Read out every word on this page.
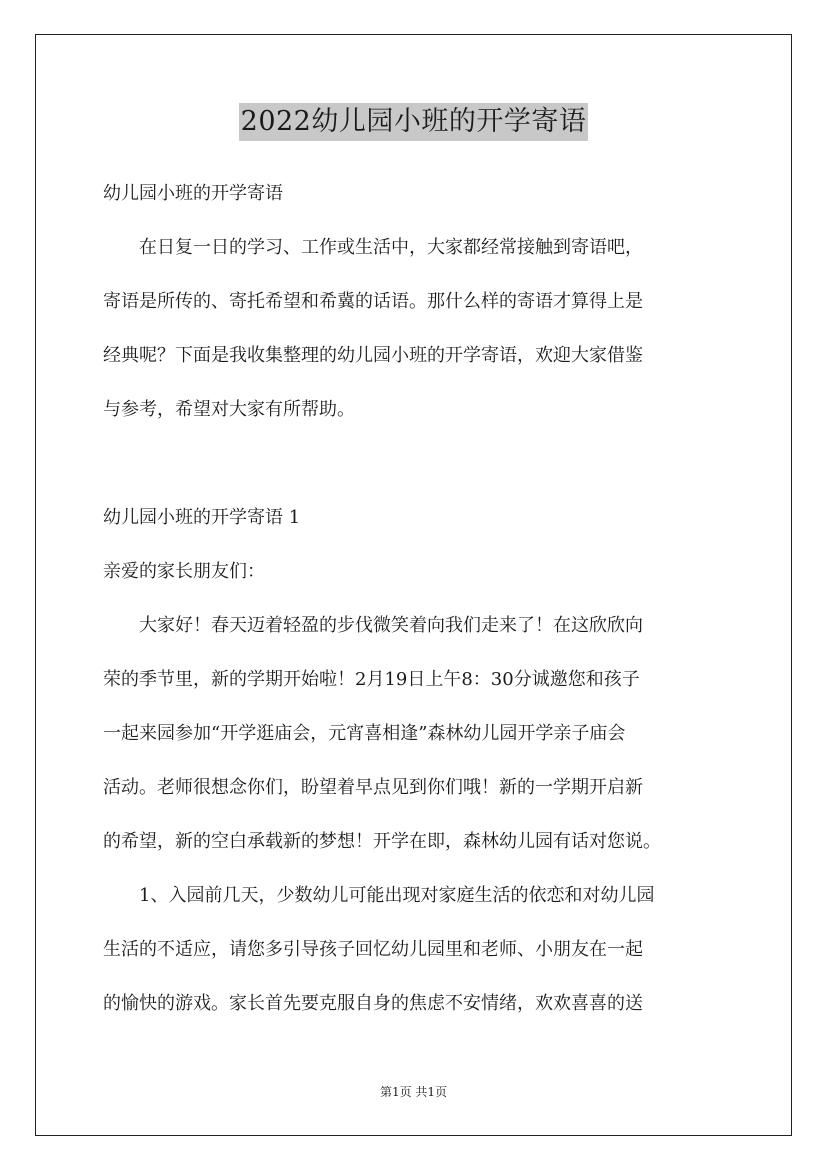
2022幼儿园小班的开学寄语
幼儿园小班的开学寄语
　　在日复一日的学习、工作或生活中，大家都经常接触到寄语吧，
寄语是所传的、寄托希望和希冀的话语。那什么样的寄语才算得上是
经典呢？下面是我收集整理的幼儿园小班的开学寄语，欢迎大家借鉴
与参考，希望对大家有所帮助。
幼儿园小班的开学寄语 1
亲爱的家长朋友们：
　　大家好！春天迈着轻盈的步伐微笑着向我们走来了！在这欣欣向
荣的季节里，新的学期开始啦！2月19日上午8：30分诚邀您和孩子
一起来园参加“开学逛庙会，元宵喜相逢”森林幼儿园开学亲子庙会
活动。老师很想念你们，盼望着早点见到你们哦！新的一学期开启新
的希望，新的空白承载新的梦想！开学在即，森林幼儿园有话对您说。
　　1、入园前几天，少数幼儿可能出现对家庭生活的依恋和对幼儿园
生活的不适应，请您多引导孩子回忆幼儿园里和老师、小朋友在一起
的愉快的游戏。家长首先要克服自身的焦虑不安情绪，欢欢喜喜的送
第1页 共1页
